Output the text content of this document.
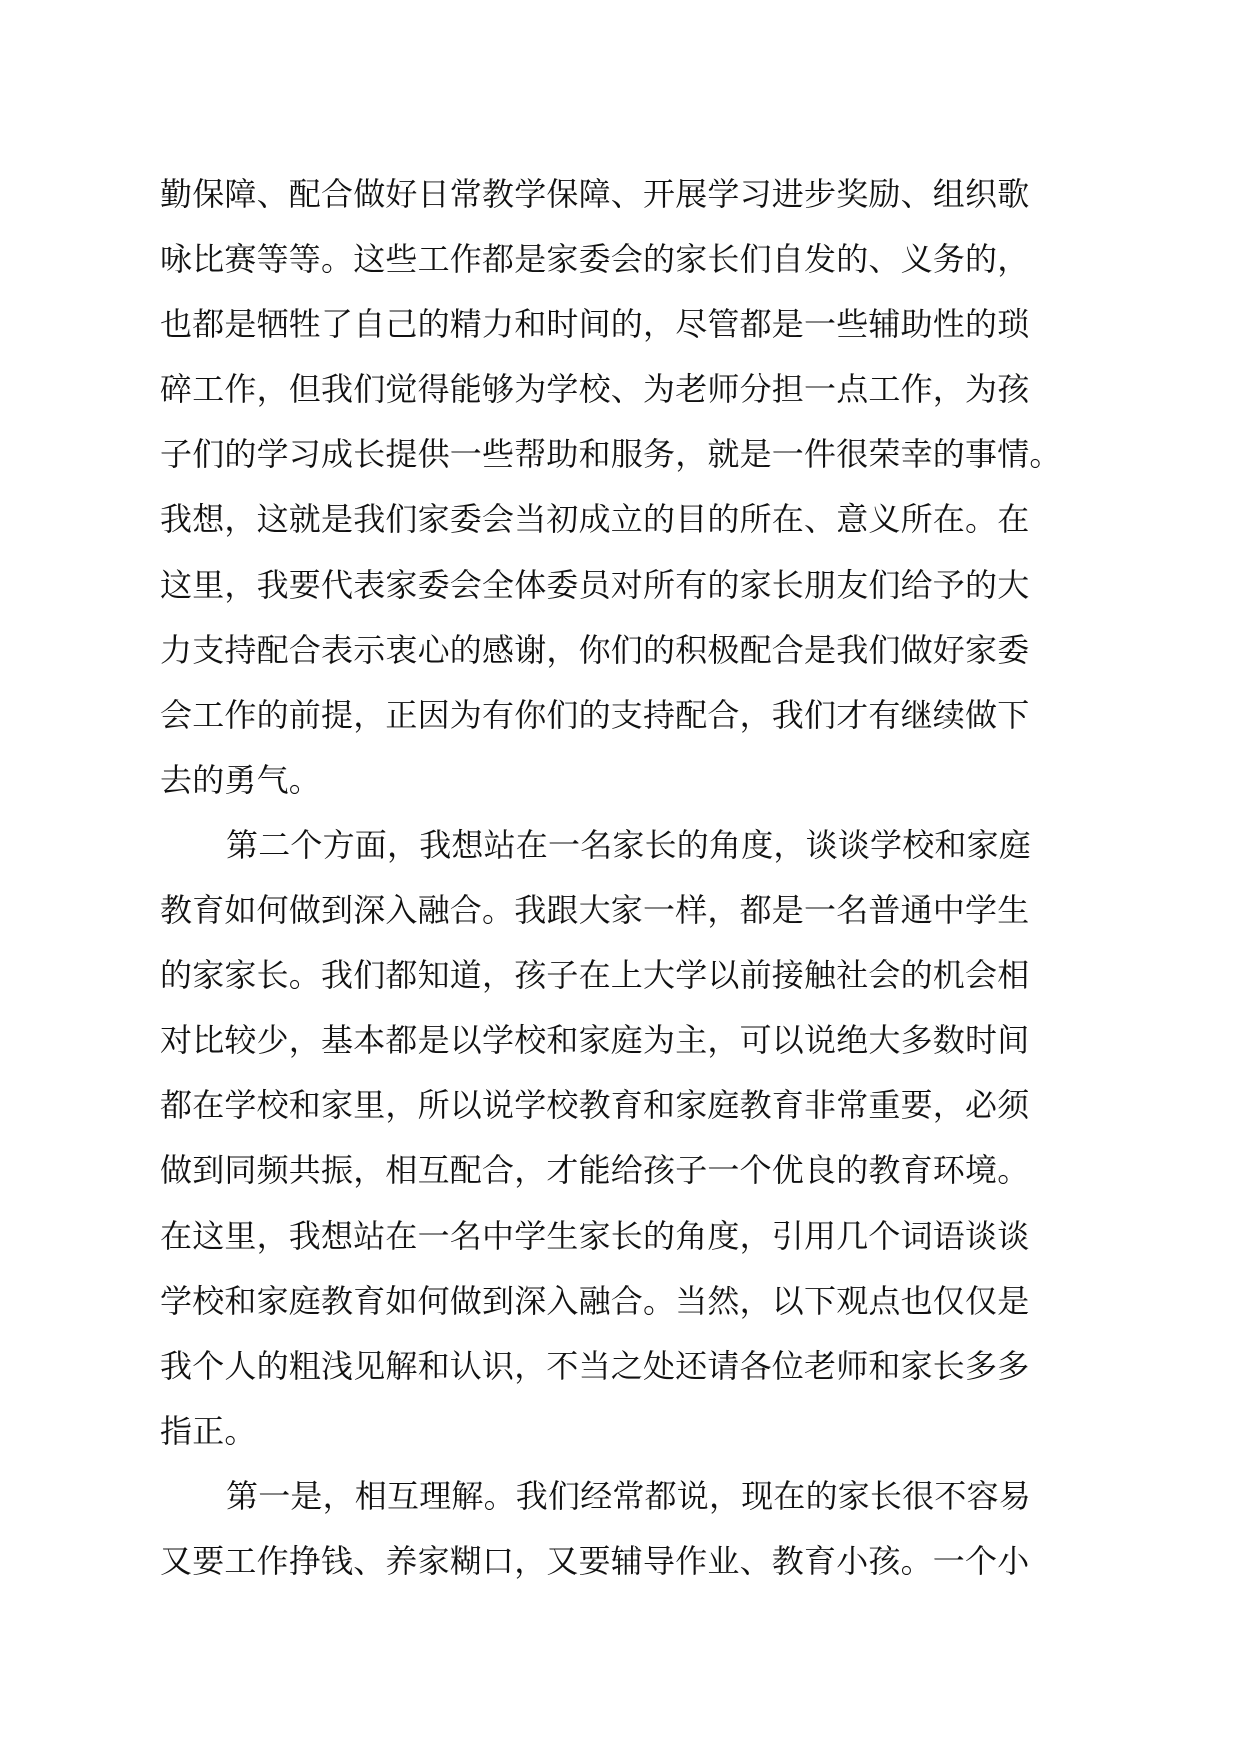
勤保障、配合做好日常教学保障、开展学习进步奖励、组织歌
咏比赛等等。这些工作都是家委会的家长们自发的、义务的，
也都是牺牲了自己的精力和时间的，尽管都是一些辅助性的琐
碎工作，但我们觉得能够为学校、为老师分担一点工作，为孩
子们的学习成长提供一些帮助和服务，就是一件很荣幸的事情。
我想，这就是我们家委会当初成立的目的所在、意义所在。在
这里，我要代表家委会全体委员对所有的家长朋友们给予的大
力支持配合表示衷心的感谢，你们的积极配合是我们做好家委
会工作的前提，正因为有你们的支持配合，我们才有继续做下
去的勇气。
第二个方面，我想站在一名家长的角度，谈谈学校和家庭
教育如何做到深入融合。我跟大家一样，都是一名普通中学生
的家家长。我们都知道，孩子在上大学以前接触社会的机会相
对比较少，基本都是以学校和家庭为主，可以说绝大多数时间
都在学校和家里，所以说学校教育和家庭教育非常重要，必须
做到同频共振，相互配合，才能给孩子一个优良的教育环境。
在这里，我想站在一名中学生家长的角度，引用几个词语谈谈
学校和家庭教育如何做到深入融合。当然，以下观点也仅仅是
我个人的粗浅见解和认识，不当之处还请各位老师和家长多多
指正。
第一是，相互理解。我们经常都说，现在的家长很不容易
又要工作挣钱、养家糊口，又要辅导作业、教育小孩。一个小
